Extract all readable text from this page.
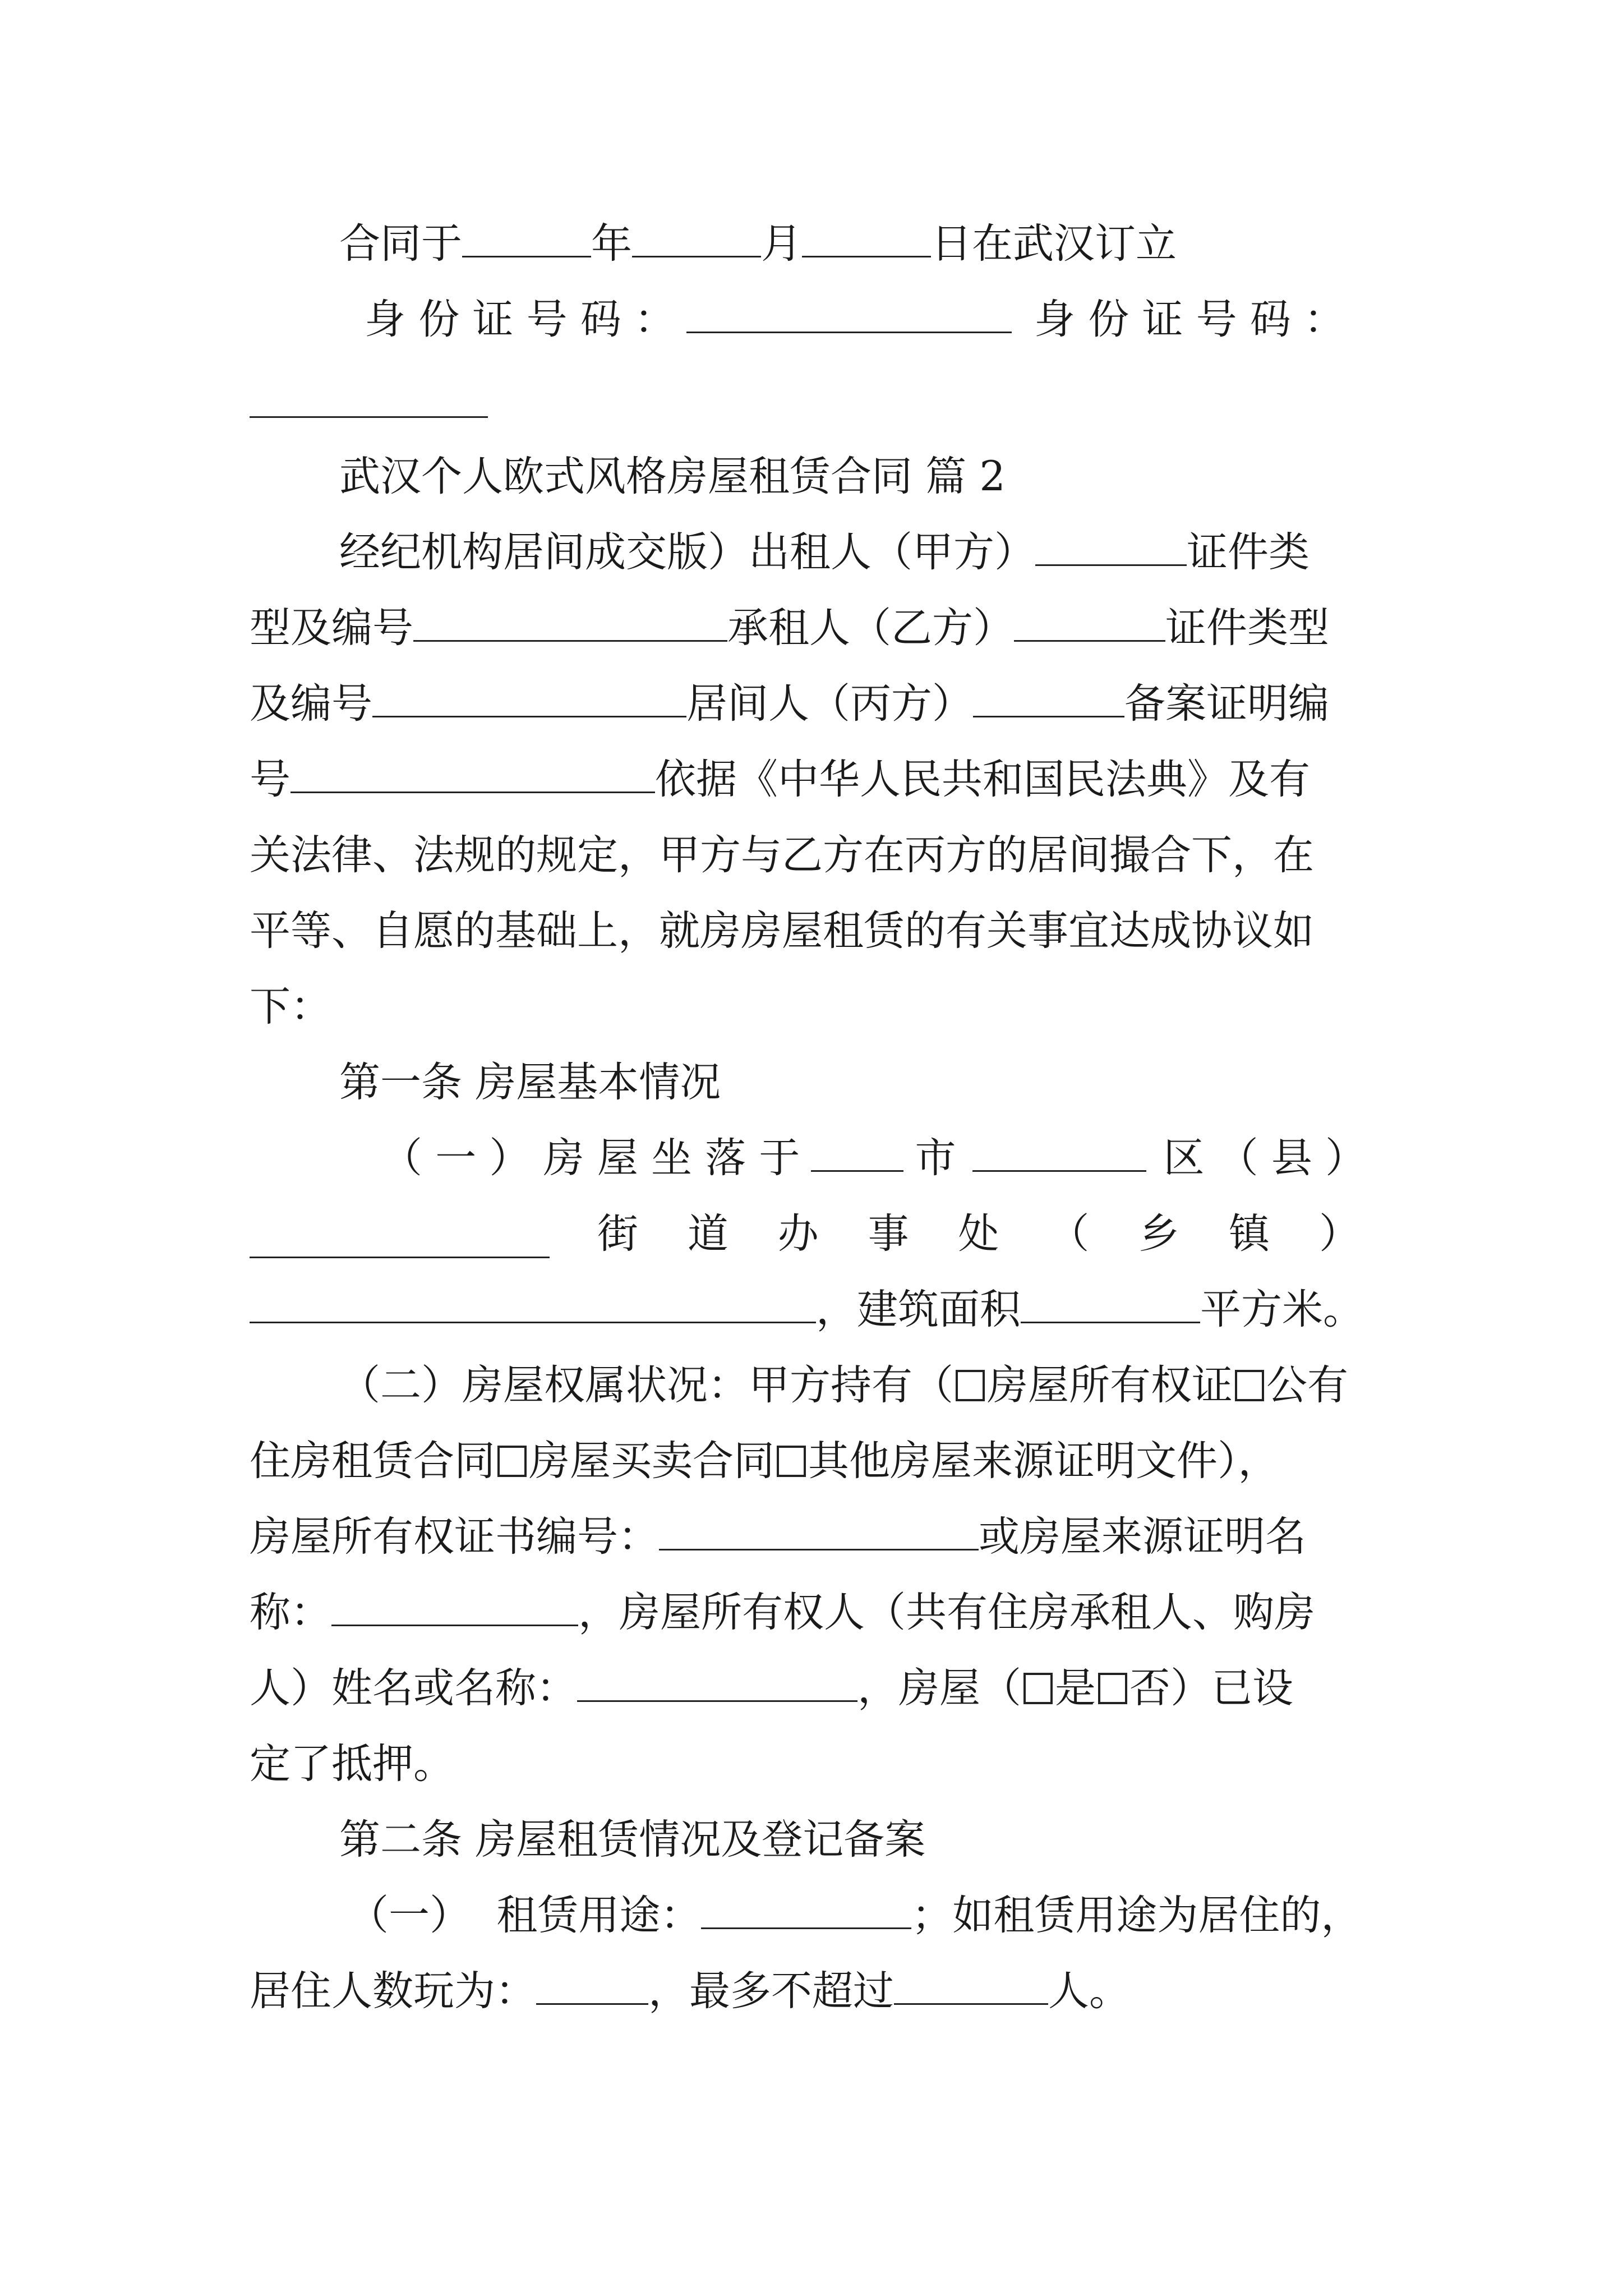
合同于	年	月	日在武汉订立
身 份 证 号 码 ：	身 份 证 号 码 ：
武汉个人欧式风格房屋租赁合同 篇 2
经纪机构居间成交版）出租人（甲方）	证件类
型及编号	承租人（乙方）	证件类型
及编号	居间人（丙方）	备案证明编
号	依据《中华人民共和国民法典》及有
关法律、法规的规定，甲方与乙方在丙方的居间撮合下，在
平等、自愿的基础上，就房房屋租赁的有关事宜达成协议如
下：
第一条 房屋基本情况
（ 一 ） 房 屋 坐 落 于	市	区 （ 县 ）
街 道 办 事 处 （ 乡 镇 ）
，建筑面积	平方米。
（二）房屋权属状况：甲方持有（ 房屋所有权证 公有
住房租赁合同 房屋买卖合同 其他房屋来源证明文件），
房屋所有权证书编号：	或房屋来源证明名
称：	，房屋所有权人（共有住房承租人、购房
人）姓名或名称：	，房屋（ 是 否）已设
定了抵押。
第二条 房屋租赁情况及登记备案
（一）  租赁用途：	；如租赁用途为居住的，
居住人数玩为：	，最多不超过	人。
